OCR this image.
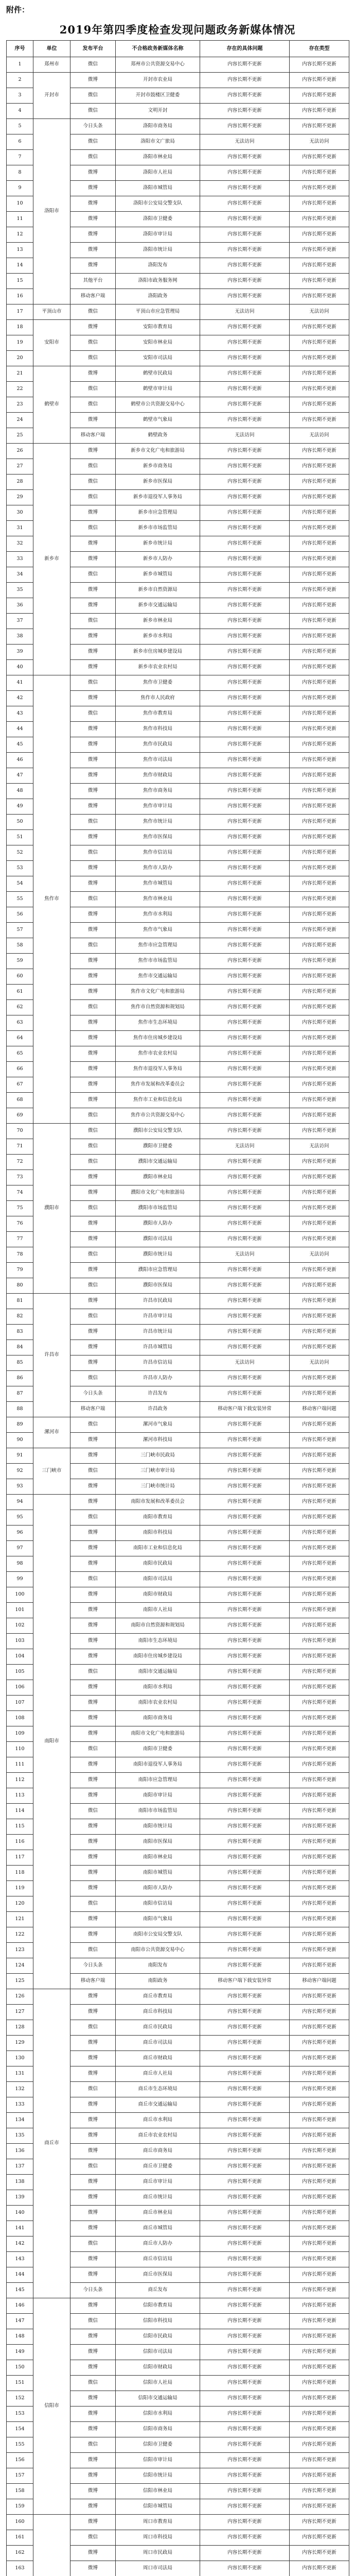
附件：
2019年第四季度检查发现问题政务新媒体情况
序号	单位	发布平台	不合格政务新媒体名称	存在的具体问题	存在类型
1	郑州市	微信	郑州市公共资源交易中心	内容长期不更新	内容长期不更新
2	开封市	微博	开封市农业局	内容长期不更新	内容长期不更新
3		微信	开封市鼓楼区卫健委	内容长期不更新	内容长期不更新
4		微信	文明开封	内容长期不更新	内容长期不更新
5	洛阳市	今日头条	洛阳市商务局	内容长期不更新	内容长期不更新
6		微信	洛阳市文广旅局	无法访问	无法访问
7		微信	洛阳市林业局	内容长期不更新	内容长期不更新
8		微博	洛阳市人社局	内容长期不更新	内容长期不更新
9		微博	洛阳市城管局	内容长期不更新	内容长期不更新
10		微博	洛阳市公安局交警支队	内容长期不更新	内容长期不更新
11		微博	洛阳市卫健委	内容长期不更新	内容长期不更新
12		微博	洛阳市审计局	内容长期不更新	内容长期不更新
13		微博	洛阳市统计局	内容长期不更新	内容长期不更新
14		微博	洛阳发布	内容长期不更新	内容长期不更新
15		其他平台	洛阳市政务服务网	内容长期不更新	内容长期不更新
16		移动客户端	洛阳政务	内容长期不更新	内容长期不更新
17	平顶山市	微信	平顶山市应急管理局	无法访问	无法访问
18	安阳市	微博	安阳市教育局	内容长期不更新	内容长期不更新
19		微信	安阳市林业局	内容长期不更新	内容长期不更新
20		微信	安阳市司法局	内容长期不更新	内容长期不更新
21	鹤壁市	微博	鹤壁市民政局	内容长期不更新	内容长期不更新
22		微信	鹤壁市审计局	内容长期不更新	内容长期不更新
23		微信	鹤壁市公共资源交易中心	内容长期不更新	内容长期不更新
24		微博	鹤壁市气象局	内容长期不更新	内容长期不更新
25		移动客户端	鹤壁政务	无法访问	无法访问
26	新乡市	微博	新乡市文化广电和旅游局	内容长期不更新	内容长期不更新
27		微信	新乡市商务局	内容长期不更新	内容长期不更新
28		微信	新乡市医保局	内容长期不更新	内容长期不更新
29		微信	新乡市退役军人事务局	内容长期不更新	内容长期不更新
30		微博	新乡市应急管理局	内容长期不更新	内容长期不更新
31		微信	新乡市市场监管局	内容长期不更新	内容长期不更新
32		微博	新乡市统计局	内容长期不更新	内容长期不更新
33		微博	新乡市人防办	内容长期不更新	内容长期不更新
34		微信	新乡市城管局	内容长期不更新	内容长期不更新
35		微博	新乡市自然资源局	内容长期不更新	内容长期不更新
36		微博	新乡市交通运输局	内容长期不更新	内容长期不更新
37		微信	新乡市林业局	内容长期不更新	内容长期不更新
38		微博	新乡市水利局	内容长期不更新	内容长期不更新
39		微博	新乡市住房城乡建设局	内容长期不更新	内容长期不更新
40		微博	新乡市农业农村局	内容长期不更新	内容长期不更新
41	焦作市	微信	焦作市卫健委	内容长期不更新	内容长期不更新
42		微博	焦作市人民政府	内容长期不更新	内容长期不更新
43		微信	焦作市教育局	内容长期不更新	内容长期不更新
44		微博	焦作市科技局	内容长期不更新	内容长期不更新
45		微博	焦作市民政局	内容长期不更新	内容长期不更新
46		微博	焦作市司法局	内容长期不更新	内容长期不更新
47		微博	焦作市财政局	内容长期不更新	内容长期不更新
48		微博	焦作市商务局	内容长期不更新	内容长期不更新
49		微博	焦作市审计局	内容长期不更新	内容长期不更新
50		微信	焦作市统计局	内容长期不更新	内容长期不更新
51		微博	焦作市医保局	内容长期不更新	内容长期不更新
52		微信	焦作市信访局	内容长期不更新	内容长期不更新
53		微博	焦作市人防办	内容长期不更新	内容长期不更新
54		微博	焦作市城管局	内容长期不更新	内容长期不更新
55		微信	焦作市林业局	内容长期不更新	内容长期不更新
56		微博	焦作市水利局	内容长期不更新	内容长期不更新
57		微博	焦作市气象局	内容长期不更新	内容长期不更新
58		微信	焦作市应急管理局	内容长期不更新	内容长期不更新
59		微博	焦作市市场监管局	内容长期不更新	内容长期不更新
60		微博	焦作市交通运输局	内容长期不更新	内容长期不更新
61		微博	焦作市文化广电和旅游局	内容长期不更新	内容长期不更新
62		微信	焦作市自然资源和规划局	内容长期不更新	内容长期不更新
63		微博	焦作市生态环境局	内容长期不更新	内容长期不更新
64		微博	焦作市住房城乡建设局	内容长期不更新	内容长期不更新
65		微博	焦作市农业农村局	内容长期不更新	内容长期不更新
66		微博	焦作市退役军人事务局	内容长期不更新	内容长期不更新
67		微博	焦作市发展和改革委员会	内容长期不更新	内容长期不更新
68		微博	焦作市工业和信息化局	内容长期不更新	内容长期不更新
69		微信	焦作市公共资源交易中心	内容长期不更新	内容长期不更新
70	濮阳市	微信	濮阳市公安局交警支队	内容长期不更新	内容长期不更新
71		微信	濮阳市卫健委	无法访问	无法访问
72		微信	濮阳市交通运输局	内容长期不更新	内容长期不更新
73		微博	濮阳市林业局	内容长期不更新	内容长期不更新
74		微博	濮阳市文化广电和旅游局	内容长期不更新	内容长期不更新
75		微信	濮阳市市场监管局	内容长期不更新	内容长期不更新
76		微博	濮阳市人防办	内容长期不更新	内容长期不更新
77		微博	濮阳市司法局	内容长期不更新	内容长期不更新
78		微信	濮阳市统计局	无法访问	无法访问
79		微博	濮阳市应急管理局	内容长期不更新	内容长期不更新
80		微信	濮阳市医保局	内容长期不更新	内容长期不更新
81	许昌市	微博	许昌市民政局	内容长期不更新	内容长期不更新
82		微信	许昌市审计局	内容长期不更新	内容长期不更新
83		微博	许昌市统计局	内容长期不更新	内容长期不更新
84		微博	许昌市城管局	内容长期不更新	内容长期不更新
85		微博	许昌市信访局	无法访问	无法访问
86		微信	许昌市人防办	内容长期不更新	内容长期不更新
87		今日头条	许昌发布	内容长期不更新	内容长期不更新
88		移动客户端	许昌政务	移动客户端下载安装异常	移动客户端问题
89	漯河市	微信	漯河市气象局	内容长期不更新	内容长期不更新
90		微博	漯河市科技局	内容长期不更新	内容长期不更新
91	三门峡市	微博	三门峡市民政局	内容长期不更新	内容长期不更新
92		微信	三门峡市审计局	内容长期不更新	内容长期不更新
93		微博	三门峡市统计局	内容长期不更新	内容长期不更新
94	南阳市	微博	南阳市发展和改革委员会	内容长期不更新	内容长期不更新
95		微信	南阳市教育局	内容长期不更新	内容长期不更新
96		微博	南阳市科技局	内容长期不更新	内容长期不更新
97		微博	南阳市工业和信息化局	内容长期不更新	内容长期不更新
98		微博	南阳市民政局	内容长期不更新	内容长期不更新
99		微信	南阳市司法局	内容长期不更新	内容长期不更新
100		微博	南阳市财政局	内容长期不更新	内容长期不更新
101		微博	南阳市人社局	内容长期不更新	内容长期不更新
102		微博	南阳市自然资源和规划局	内容长期不更新	内容长期不更新
103		微博	南阳市生态环境局	内容长期不更新	内容长期不更新
104		微博	南阳市住房城乡建设局	内容长期不更新	内容长期不更新
105		微信	南阳市交通运输局	内容长期不更新	内容长期不更新
106		微博	南阳市水利局	内容长期不更新	内容长期不更新
107		微博	南阳市农业农村局	内容长期不更新	内容长期不更新
108		微博	南阳市商务局	内容长期不更新	内容长期不更新
109		微博	南阳市文化广电和旅游局	内容长期不更新	内容长期不更新
110		微信	南阳市卫健委	内容长期不更新	内容长期不更新
111		微博	南阳市退役军人事务局	内容长期不更新	内容长期不更新
112		微博	南阳市应急管理局	内容长期不更新	内容长期不更新
113		微博	南阳市审计局	内容长期不更新	内容长期不更新
114		微信	南阳市市场监管局	内容长期不更新	内容长期不更新
115		微博	南阳市统计局	内容长期不更新	内容长期不更新
116		微博	南阳市医保局	内容长期不更新	内容长期不更新
117		微博	南阳市林业局	内容长期不更新	内容长期不更新
118		微博	南阳市城管局	内容长期不更新	内容长期不更新
119		微博	南阳市人防办	内容长期不更新	内容长期不更新
120		微信	南阳市信访局	内容长期不更新	内容长期不更新
121		微博	南阳市气象局	内容长期不更新	内容长期不更新
122		微博	南阳市公安局交警支队	内容长期不更新	内容长期不更新
123		微信	南阳市公共资源交易中心	内容长期不更新	内容长期不更新
124		今日头条	南阳发布	内容长期不更新	内容长期不更新
125		移动客户端	南阳政务	移动客户端下载安装异常	移动客户端问题
126	商丘市	微博	商丘市教育局	内容长期不更新	内容长期不更新
127		微博	商丘市科技局	内容长期不更新	内容长期不更新
128		微信	商丘市民政局	内容长期不更新	内容长期不更新
129		微博	商丘市司法局	内容长期不更新	内容长期不更新
130		微博	商丘市财政局	内容长期不更新	内容长期不更新
131		微博	商丘市人社局	内容长期不更新	内容长期不更新
132		微信	商丘市生态环境局	内容长期不更新	内容长期不更新
133		微博	商丘市交通运输局	内容长期不更新	内容长期不更新
134		微博	商丘市水利局	内容长期不更新	内容长期不更新
135		微博	商丘市农业农村局	内容长期不更新	内容长期不更新
136		微博	商丘市商务局	内容长期不更新	内容长期不更新
137		微信	商丘市卫健委	内容长期不更新	内容长期不更新
138		微博	商丘市审计局	内容长期不更新	内容长期不更新
139		微博	商丘市统计局	内容长期不更新	内容长期不更新
140		微博	商丘市林业局	内容长期不更新	内容长期不更新
141		微博	商丘市城管局	内容长期不更新	内容长期不更新
142		微信	商丘市人防办	内容长期不更新	内容长期不更新
143		微博	商丘市信访局	内容长期不更新	内容长期不更新
144		微博	商丘市医保局	内容长期不更新	内容长期不更新
145		今日头条	商丘发布	内容长期不更新	内容长期不更新
146	信阳市	微博	信阳市教育局	内容长期不更新	内容长期不更新
147		微信	信阳市科技局	内容长期不更新	内容长期不更新
148		微博	信阳市民政局	内容长期不更新	内容长期不更新
149		微博	信阳市司法局	内容长期不更新	内容长期不更新
150		微博	信阳市财政局	内容长期不更新	内容长期不更新
151		微信	信阳市人社局	内容长期不更新	内容长期不更新
152		微博	信阳市交通运输局	内容长期不更新	内容长期不更新
153		微博	信阳市水利局	内容长期不更新	内容长期不更新
154		微博	信阳市商务局	内容长期不更新	内容长期不更新
155		微信	信阳市卫健委	内容长期不更新	内容长期不更新
156		微博	信阳市审计局	内容长期不更新	内容长期不更新
157		微博	信阳市统计局	内容长期不更新	内容长期不更新
158		微博	信阳市林业局	内容长期不更新	内容长期不更新
159		微博	信阳市城管局	内容长期不更新	内容长期不更新
160		微博	周口市教育局	内容长期不更新	内容长期不更新
161		微信	周口市科技局	内容长期不更新	内容长期不更新
162		微博	周口市民政局	内容长期不更新	内容长期不更新
163		微博	周口市司法局	内容长期不更新	内容长期不更新
